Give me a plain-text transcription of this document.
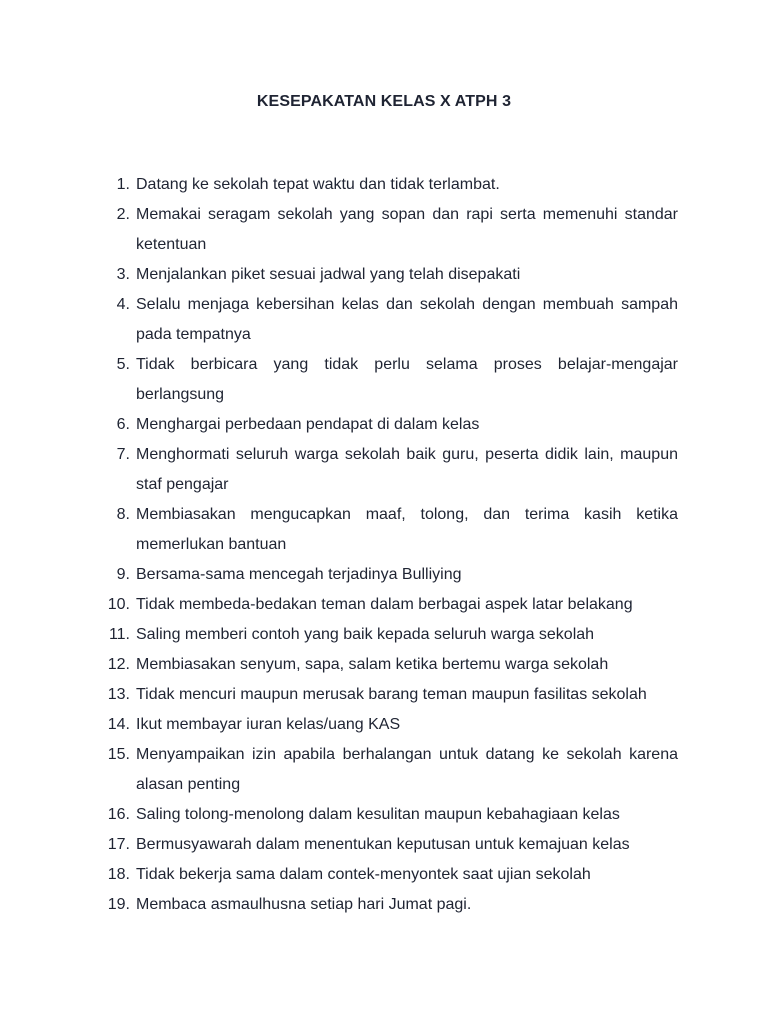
KESEPAKATAN KELAS X ATPH 3
1. Datang ke sekolah tepat waktu dan tidak terlambat.
2. Memakai seragam sekolah yang sopan dan rapi serta memenuhi standar ketentuan
3. Menjalankan piket sesuai jadwal yang telah disepakati
4. Selalu menjaga kebersihan kelas dan sekolah dengan membuah sampah pada tempatnya
5. Tidak berbicara yang tidak perlu selama proses belajar-mengajar berlangsung
6. Menghargai perbedaan pendapat di dalam kelas
7. Menghormati seluruh warga sekolah baik guru, peserta didik lain, maupun staf pengajar
8. Membiasakan mengucapkan maaf, tolong, dan terima kasih ketika memerlukan bantuan
9. Bersama-sama mencegah terjadinya Bulliying
10. Tidak membeda-bedakan teman dalam berbagai aspek latar belakang
11. Saling memberi contoh yang baik kepada seluruh warga sekolah
12. Membiasakan senyum, sapa, salam ketika bertemu warga sekolah
13. Tidak mencuri maupun merusak barang teman maupun fasilitas sekolah
14. Ikut membayar iuran kelas/uang KAS
15. Menyampaikan izin apabila berhalangan untuk datang ke sekolah karena alasan penting
16. Saling tolong-menolong dalam kesulitan maupun kebahagiaan kelas
17. Bermusyawarah dalam menentukan keputusan untuk kemajuan kelas
18. Tidak bekerja sama dalam contek-menyontek saat ujian sekolah
19. Membaca asmaulhusna setiap hari Jumat pagi.
